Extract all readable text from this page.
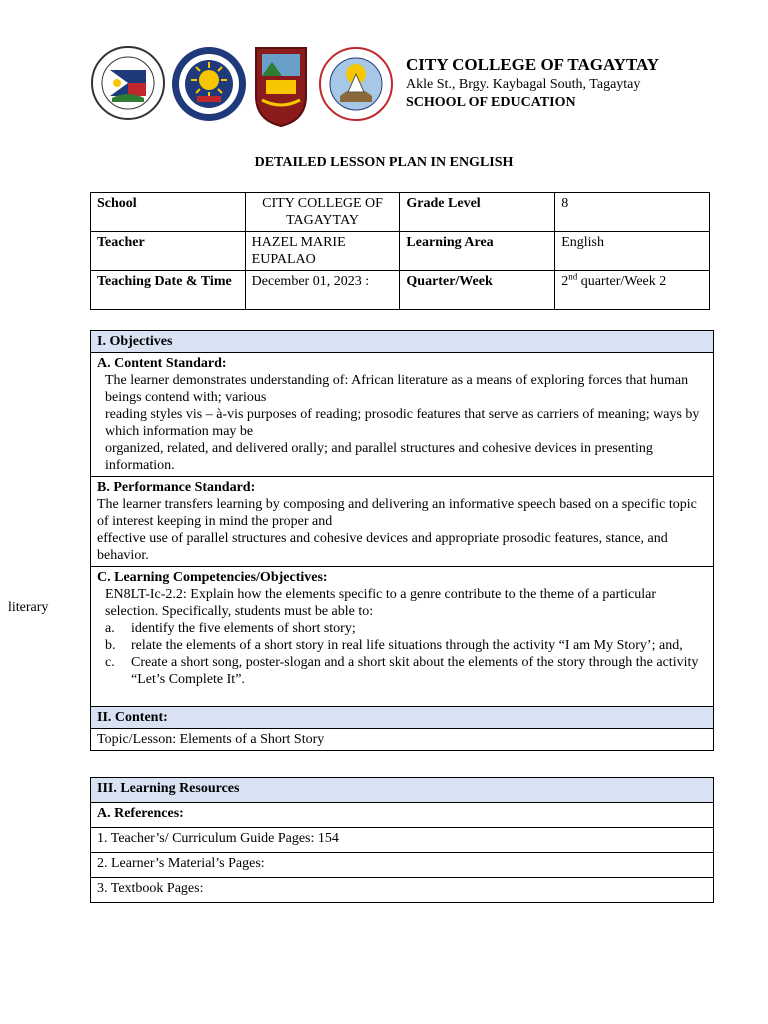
CITY COLLEGE OF TAGAYTAY
Akle St., Brgy. Kaybagal South, Tagaytay
SCHOOL OF EDUCATION
DETAILED LESSON PLAN IN ENGLISH
School	CITY COLLEGE OF TAGAYTAY	Grade Level	8
Teacher	HAZEL MARIE EUPALAO	Learning Area	English
Teaching Date & Time	December 01, 2023 :	Quarter/Week	2nd quarter/Week 2
I. Objectives

A. Content Standard:
The learner demonstrates understanding of: African literature as a means of exploring forces that human beings contend with; various
reading styles vis – à-vis purposes of reading; prosodic features that serve as carriers of meaning; ways by which information may be
organized, related, and delivered orally; and parallel structures and cohesive devices in presenting information.

B. Performance Standard:
The learner transfers learning by composing and delivering an informative speech based on a specific topic of interest keeping in mind the proper and
effective use of parallel structures and cohesive devices and appropriate prosodic features, stance, and behavior.

C. Learning Competencies/Objectives:
EN8LT-Ic-2.2: Explain how the elements specific to a genre contribute to the theme of a particular selection. Specifically, students must be able to:
a. identify the five elements of short story;
b. relate the elements of a short story in real life situations through the activity “I am My Story’; and,
c. Create a short song, poster-slogan and a short skit about the elements of the story through the activity “Let’s Complete It”.

II. Content:
Topic/Lesson: Elements of a Short Story
literary
III. Learning Resources
A. References:
1. Teacher’s/ Curriculum Guide Pages: 154
2. Learner’s Material’s Pages:
3. Textbook Pages:
